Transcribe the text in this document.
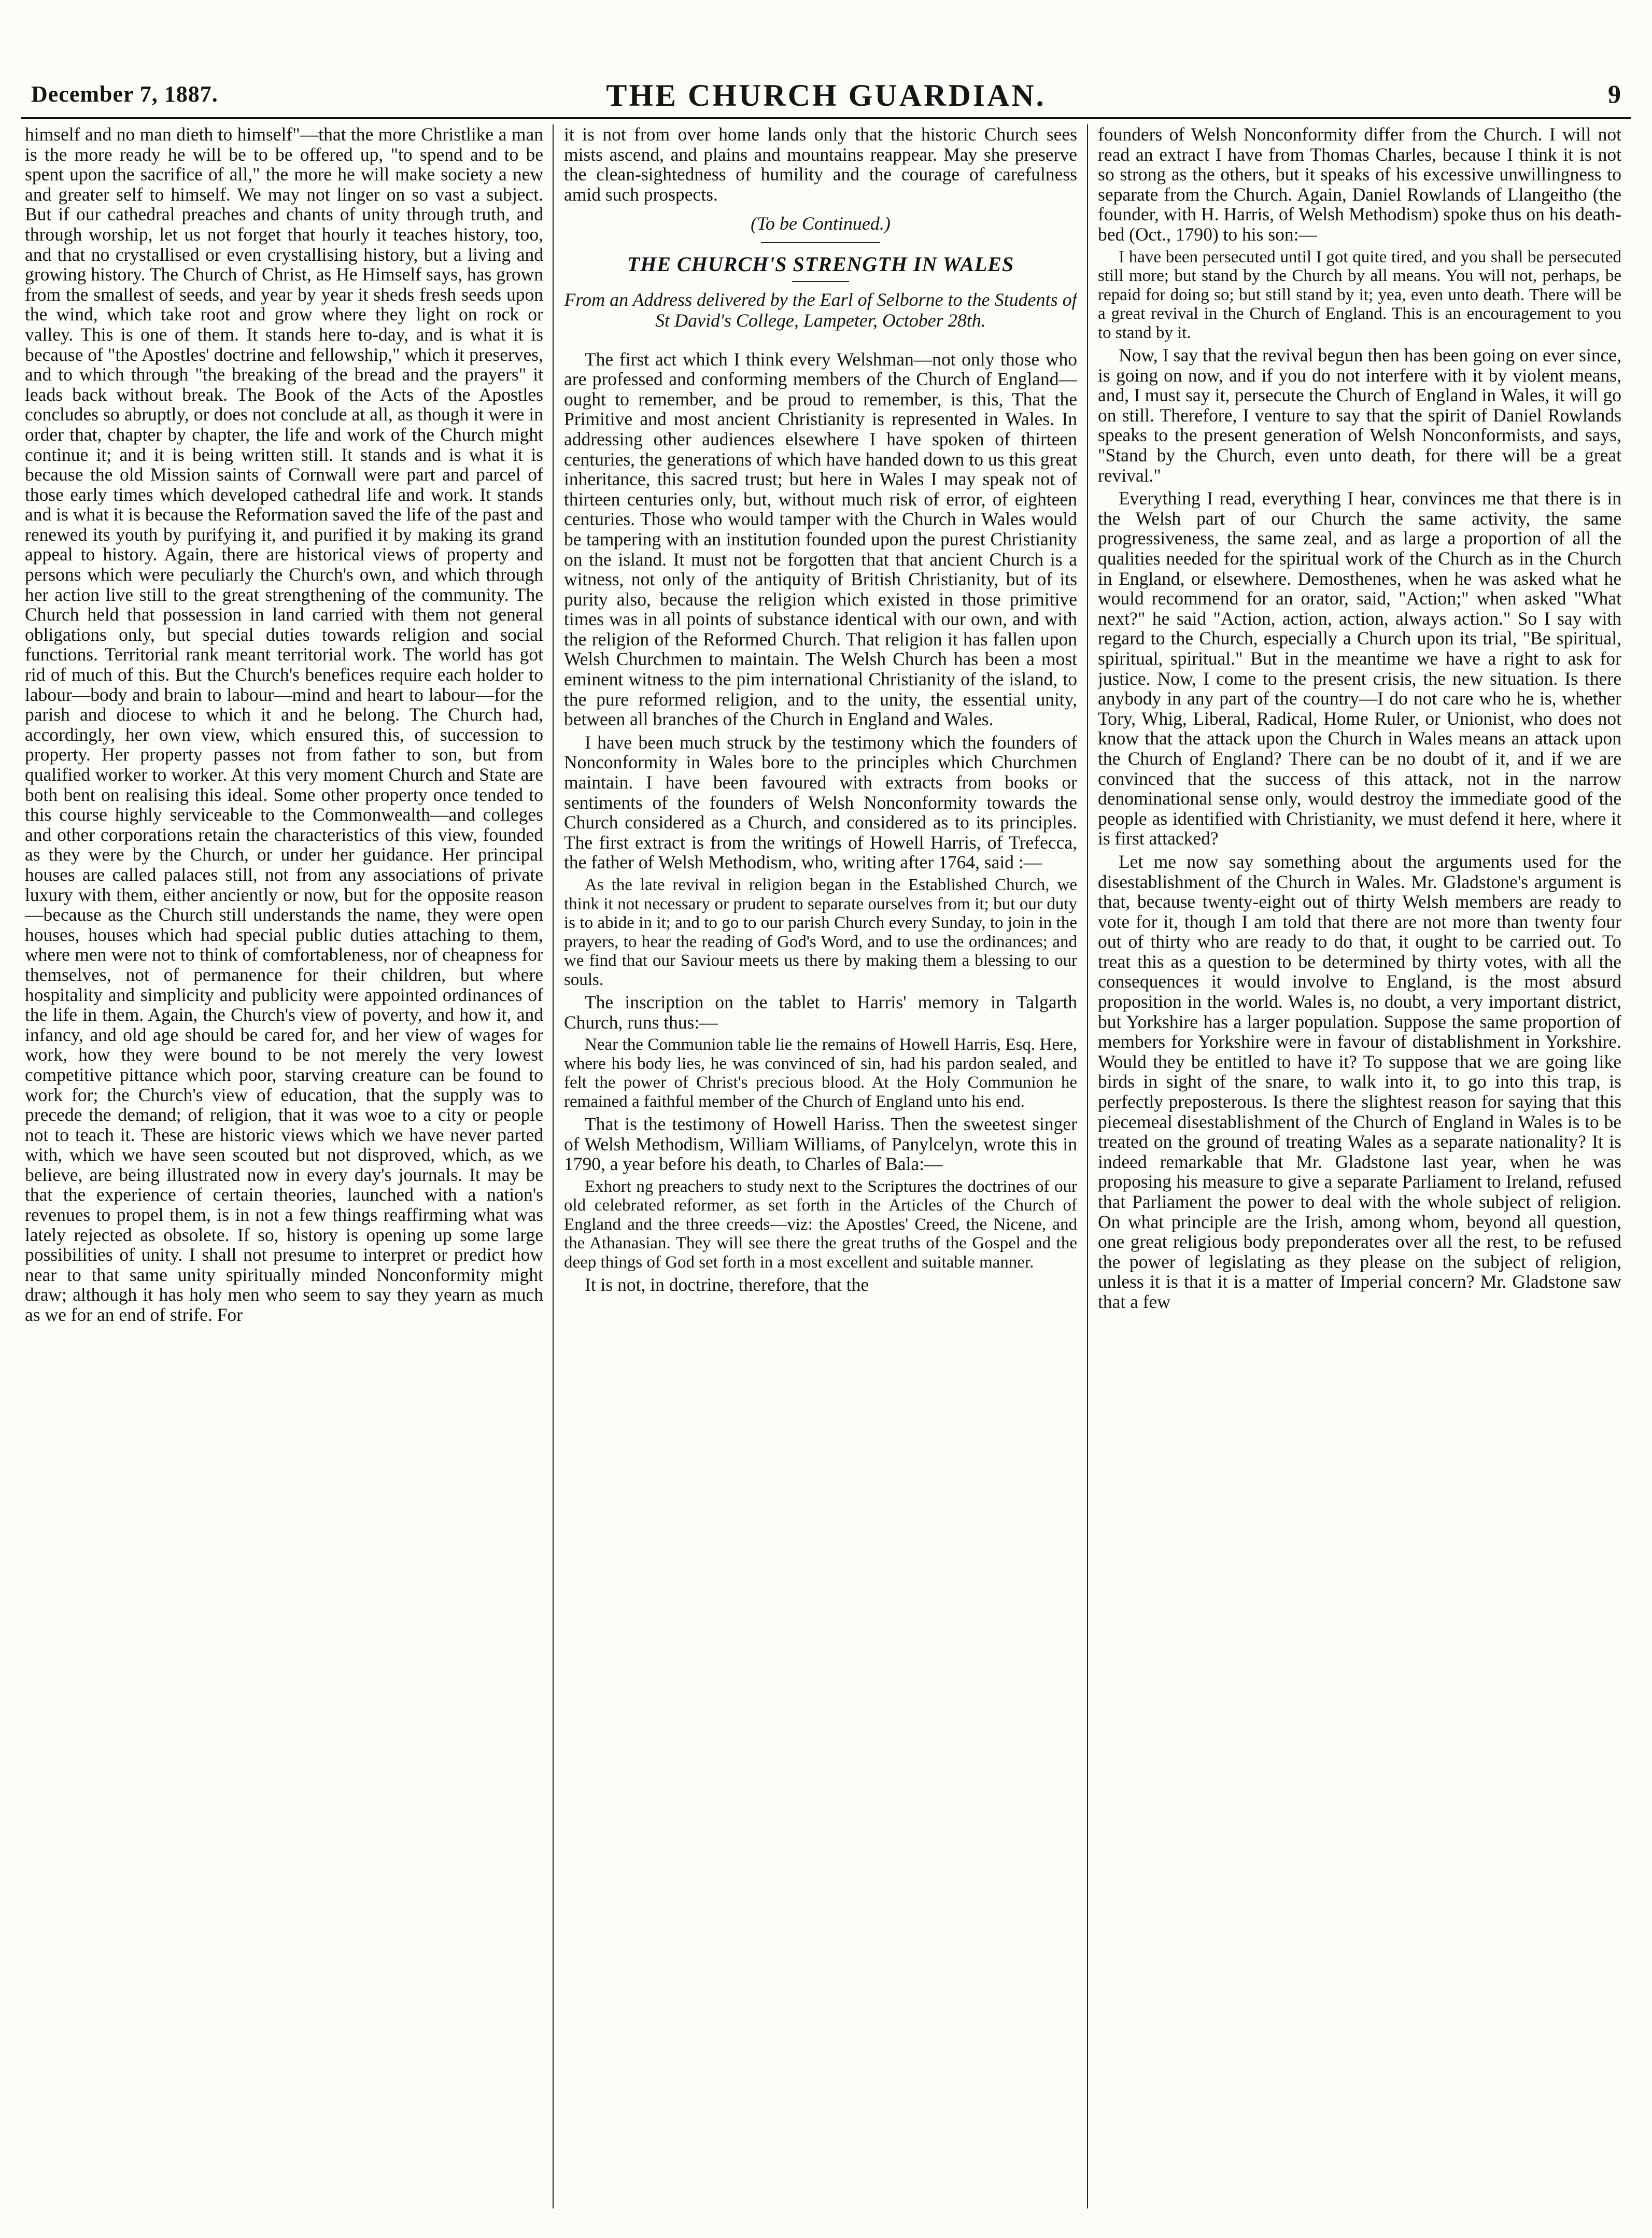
December 7, 1887.	THE CHURCH GUARDIAN.	9

himself and no man dieth to himself"—that the more Christlike a man is the more ready he will be to be offered up, "to spend and to be spent upon the sacrifice of all," the more he will make society a new and greater self to himself. We may not linger on so vast a subject. But if our cathedral preaches and chants of unity through truth, and through worship, let us not forget that hourly it teaches history, too, and that no crystallised or even crystallising history, but a living and growing history. The Church of Christ, as He Himself says, has grown from the smallest of seeds, and year by year it sheds fresh seeds upon the wind, which take root and grow where they light on rock or valley. This is one of them. It stands here to-day, and is what it is because of "the Apostles' doctrine and fellowship," which it preserves, and to which through "the breaking of the bread and the prayers" it leads back without break. The Book of the Acts of the Apostles concludes so abruptly, or does not conclude at all, as though it were in order that, chapter by chapter, the life and work of the Church might continue it; and it is being written still. It stands and is what it is because the old Mission saints of Cornwall were part and parcel of those early times which developed cathedral life and work. It stands and is what it is because the Reformation saved the life of the past and renewed its youth by purifying it, and purified it by making its grand appeal to history. Again, there are historical views of property and persons which were peculiarly the Church's own, and which through her action live still to the great strengthening of the community. The Church held that possession in land carried with them not general obligations only, but special duties towards religion and social functions. Territorial rank meant territorial work. The world has got rid of much of this. But the Church's benefices require each holder to labour—body and brain to labour—mind and heart to labour—for the parish and diocese to which it and he belong. The Church had, accordingly, her own view, which ensured this, of succession to property. Her property passes not from father to son, but from qualified worker to worker. At this very moment Church and State are both bent on realising this ideal. Some other property once tended to this course highly serviceable to the Commonwealth—and colleges and other corporations retain the characteristics of this view, founded as they were by the Church, or under her guidance. Her principal houses are called palaces still, not from any associations of private luxury with them, either anciently or now, but for the opposite reason—because as the Church still understands the name, they were open houses, houses which had special public duties attaching to them, where men were not to think of comfortableness, nor of cheapness for themselves, not of permanence for their children, but where hospitality and simplicity and publicity were appointed ordinances of the life in them. Again, the Church's view of poverty, and how it, and infancy, and old age should be cared for, and her view of wages for work, how they were bound to be not merely the very lowest competitive pittance which poor, starving creature can be found to work for; the Church's view of education, that the supply was to precede the demand; of religion, that it was woe to a city or people not to teach it. These are historic views which we have never parted with, which we have seen scouted but not disproved, which, as we believe, are being illustrated now in every day's journals. It may be that the experience of certain theories, launched with a nation's revenues to propel them, is in not a few things reaffirming what was lately rejected as obsolete. If so, history is opening up some large possibilities of unity. I shall not presume to interpret or predict how near to that same unity spiritually minded Nonconformity might draw; although it has holy men who seem to say they yearn as much as we for an end of strife. For

it is not from over home lands only that the historic Church sees mists ascend, and plains and mountains reappear. May she preserve the clean-sightedness of humility and the courage of carefulness amid such prospects.

(To be Continued.)
THE CHURCH'S STRENGTH IN WALES
From an Address delivered by the Earl of Selborne to the Students of St David's College, Lampeter, October 28th.

The first act which I think every Welshman—not only those who are professed and conforming members of the Church of England—ought to remember, and be proud to remember, is this, That the Primitive and most ancient Christianity is represented in Wales. In addressing other audiences elsewhere I have spoken of thirteen centuries, the generations of which have handed down to us this great inheritance, this sacred trust; but here in Wales I may speak not of thirteen centuries only, but, without much risk of error, of eighteen centuries. Those who would tamper with the Church in Wales would be tampering with an institution founded upon the purest Christianity on the island. It must not be forgotten that that ancient Church is a witness, not only of the antiquity of British Christianity, but of its purity also, because the religion which existed in those primitive times was in all points of substance identical with our own, and with the religion of the Reformed Church. That religion it has fallen upon Welsh Churchmen to maintain. The Welsh Church has been a most eminent witness to the pim international Christianity of the island, to the pure reformed religion, and to the unity, the essential unity, between all branches of the Church in England and Wales.

I have been much struck by the testimony which the founders of Nonconformity in Wales bore to the principles which Churchmen maintain. I have been favoured with extracts from books or sentiments of the founders of Welsh Nonconformity towards the Church considered as a Church, and considered as to its principles. The first extract is from the writings of Howell Harris, of Trefecca, the father of Welsh Methodism, who, writing after 1764, said :—

As the late revival in religion began in the Established Church, we think it not necessary or prudent to separate ourselves from it; but our duty is to abide in it; and to go to our parish Church every Sunday, to join in the prayers, to hear the reading of God's Word, and to use the ordinances; and we find that our Saviour meets us there by making them a blessing to our souls.

The inscription on the tablet to Harris' memory in Talgarth Church, runs thus:—

Near the Communion table lie the remains of Howell Harris, Esq. Here, where his body lies, he was convinced of sin, had his pardon sealed, and felt the power of Christ's precious blood. At the Holy Communion he remained a faithful member of the Church of England unto his end.

That is the testimony of Howell Hariss. Then the sweetest singer of Welsh Methodism, William Williams, of Panylcelyn, wrote this in 1790, a year before his death, to Charles of Bala:—

Exhort ng preachers to study next to the Scriptures the doctrines of our old celebrated reformer, as set forth in the Articles of the Church of England and the three creeds—viz: the Apostles' Creed, the Nicene, and the Athanasian. They will see there the great truths of the Gospel and the deep things of God set forth in a most excellent and suitable manner.

It is not, in doctrine, therefore, that the

founders of Welsh Nonconformity differ from the Church. I will not read an extract I have from Thomas Charles, because I think it is not so strong as the others, but it speaks of his excessive unwillingness to separate from the Church. Again, Daniel Rowlands of Llangeitho (the founder, with H. Harris, of Welsh Methodism) spoke thus on his death-bed (Oct., 1790) to his son:—

I have been persecuted until I got quite tired, and you shall be persecuted still more; but stand by the Church by all means. You will not, perhaps, be repaid for doing so; but still stand by it; yea, even unto death. There will be a great revival in the Church of England. This is an encouragement to you to stand by it.

Now, I say that the revival begun then has been going on ever since, is going on now, and if you do not interfere with it by violent means, and, I must say it, persecute the Church of England in Wales, it will go on still. Therefore, I venture to say that the spirit of Daniel Rowlands speaks to the present generation of Welsh Nonconformists, and says, "Stand by the Church, even unto death, for there will be a great revival."

Everything I read, everything I hear, convinces me that there is in the Welsh part of our Church the same activity, the same progressiveness, the same zeal, and as large a proportion of all the qualities needed for the spiritual work of the Church as in the Church in England, or elsewhere. Demosthenes, when he was asked what he would recommend for an orator, said, "Action;" when asked "What next?" he said "Action, action, action, always action." So I say with regard to the Church, especially a Church upon its trial, "Be spiritual, spiritual, spiritual." But in the meantime we have a right to ask for justice. Now, I come to the present crisis, the new situation. Is there anybody in any part of the country—I do not care who he is, whether Tory, Whig, Liberal, Radical, Home Ruler, or Unionist, who does not know that the attack upon the Church in Wales means an attack upon the Church of England? There can be no doubt of it, and if we are convinced that the success of this attack, not in the narrow denominational sense only, would destroy the immediate good of the people as identified with Christianity, we must defend it here, where it is first attacked?

Let me now say something about the arguments used for the disestablishment of the Church in Wales. Mr. Gladstone's argument is that, because twenty-eight out of thirty Welsh members are ready to vote for it, though I am told that there are not more than twenty four out of thirty who are ready to do that, it ought to be carried out. To treat this as a question to be determined by thirty votes, with all the consequences it would involve to England, is the most absurd proposition in the world. Wales is, no doubt, a very important district, but Yorkshire has a larger population. Suppose the same proportion of members for Yorkshire were in favour of distablishment in Yorkshire. Would they be entitled to have it? To suppose that we are going like birds in sight of the snare, to walk into it, to go into this trap, is perfectly preposterous. Is there the slightest reason for saying that this piecemeal disestablishment of the Church of England in Wales is to be treated on the ground of treating Wales as a separate nationality? It is indeed remarkable that Mr. Gladstone last year, when he was proposing his measure to give a separate Parliament to Ireland, refused that Parliament the power to deal with the whole subject of religion. On what principle are the Irish, among whom, beyond all question, one great religious body preponderates over all the rest, to be refused the power of legislating as they please on the subject of religion, unless it is that it is a matter of Imperial concern? Mr. Gladstone saw that a few
